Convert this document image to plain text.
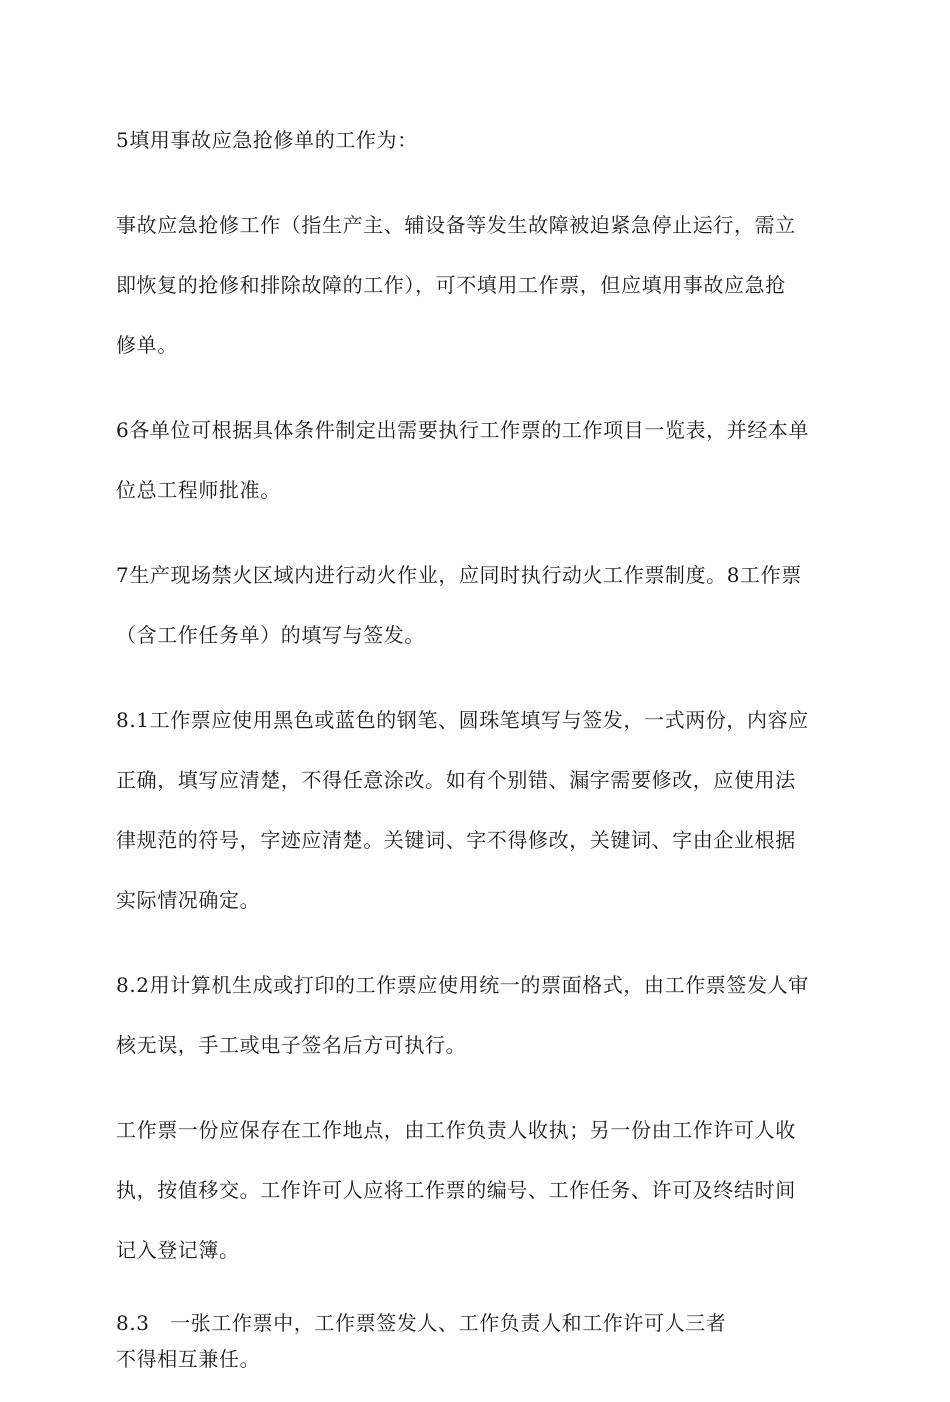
5填用事故应急抢修单的工作为：
事故应急抢修工作（指生产主、辅设备等发生故障被迫紧急停止运行，需立
即恢复的抢修和排除故障的工作），可不填用工作票，但应填用事故应急抢
修单。
6各单位可根据具体条件制定出需要执行工作票的工作项目一览表，并经本单
位总工程师批准。
7生产现场禁火区域内进行动火作业，应同时执行动火工作票制度。8工作票
（含工作任务单）的填写与签发。
8.1工作票应使用黑色或蓝色的钢笔、圆珠笔填写与签发，一式两份，内容应
正确，填写应清楚，不得任意涂改。如有个别错、漏字需要修改，应使用法
律规范的符号，字迹应清楚。关键词、字不得修改，关键词、字由企业根据
实际情况确定。
8.2用计算机生成或打印的工作票应使用统一的票面格式，由工作票签发人审
核无误，手工或电子签名后方可执行。
工作票一份应保存在工作地点，由工作负责人收执；另一份由工作许可人收
执，按值移交。工作许可人应将工作票的编号、工作任务、许可及终结时间
记入登记簿。
8.3　一张工作票中，工作票签发人、工作负责人和工作许可人三者
不得相互兼任。
